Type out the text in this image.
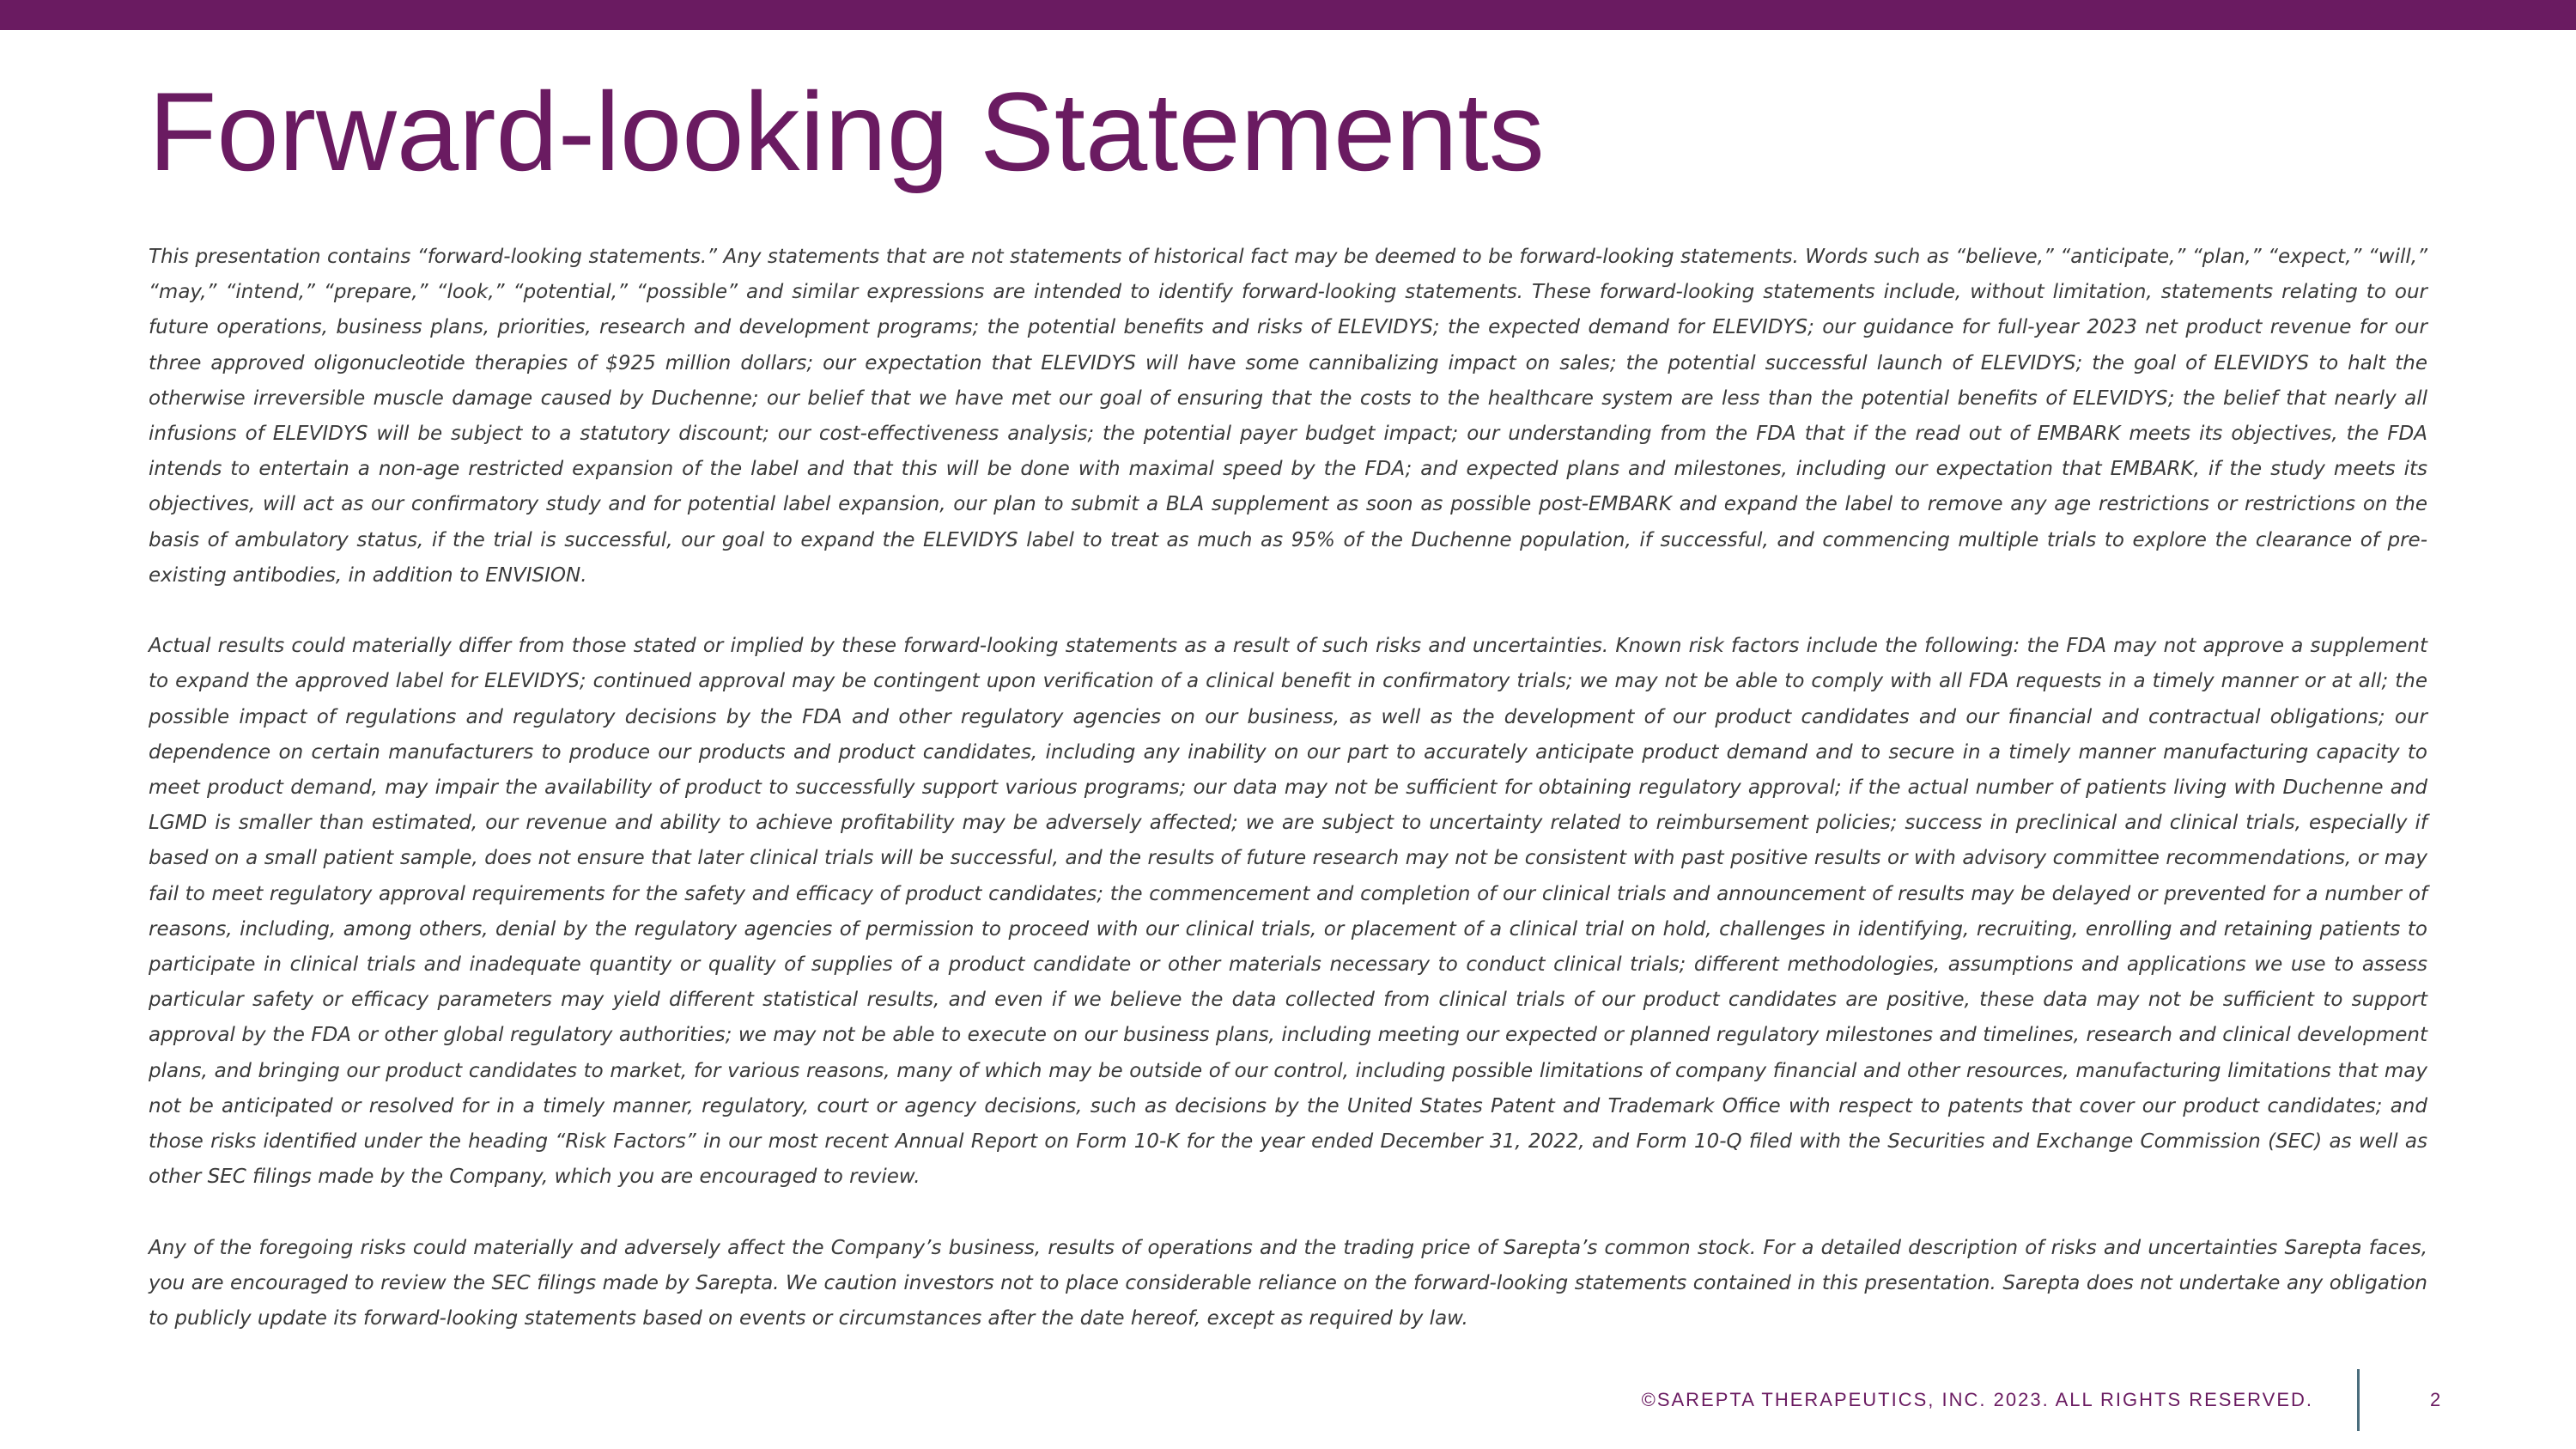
Forward-looking Statements

This presentation contains “forward-looking statements.” Any statements that are not statements of historical fact may be deemed to be forward-looking statements. Words such as “believe,” “anticipate,” “plan,” “expect,” “will,” “may,” “intend,” “prepare,” “look,” “potential,” “possible” and similar expressions are intended to identify forward-looking statements. These forward-looking statements include, without limitation, statements relating to our future operations, business plans, priorities, research and development programs; the potential benefits and risks of ELEVIDYS; the expected demand for ELEVIDYS; our guidance for full-year 2023 net product revenue for our three approved oligonucleotide therapies of $925 million dollars; our expectation that ELEVIDYS will have some cannibalizing impact on sales; the potential successful launch of ELEVIDYS; the goal of ELEVIDYS to halt the otherwise irreversible muscle damage caused by Duchenne; our belief that we have met our goal of ensuring that the costs to the healthcare system are less than the potential benefits of ELEVIDYS; the belief that nearly all infusions of ELEVIDYS will be subject to a statutory discount; our cost-effectiveness analysis; the potential payer budget impact; our understanding from the FDA that if the read out of EMBARK meets its objectives, the FDA intends to entertain a non-age restricted expansion of the label and that this will be done with maximal speed by the FDA; and expected plans and milestones, including our expectation that EMBARK, if the study meets its objectives, will act as our confirmatory study and for potential label expansion, our plan to submit a BLA supplement as soon as possible post-EMBARK and expand the label to remove any age restrictions or restrictions on the basis of ambulatory status, if the trial is successful, our goal to expand the ELEVIDYS label to treat as much as 95% of the Duchenne population, if successful, and commencing multiple trials to explore the clearance of pre-existing antibodies, in addition to ENVISION.

Actual results could materially differ from those stated or implied by these forward-looking statements as a result of such risks and uncertainties. Known risk factors include the following: the FDA may not approve a supplement to expand the approved label for ELEVIDYS; continued approval may be contingent upon verification of a clinical benefit in confirmatory trials; we may not be able to comply with all FDA requests in a timely manner or at all; the possible impact of regulations and regulatory decisions by the FDA and other regulatory agencies on our business, as well as the development of our product candidates and our financial and contractual obligations; our dependence on certain manufacturers to produce our products and product candidates, including any inability on our part to accurately anticipate product demand and to secure in a timely manner manufacturing capacity to meet product demand, may impair the availability of product to successfully support various programs; our data may not be sufficient for obtaining regulatory approval; if the actual number of patients living with Duchenne and LGMD is smaller than estimated, our revenue and ability to achieve profitability may be adversely affected; we are subject to uncertainty related to reimbursement policies; success in preclinical and clinical trials, especially if based on a small patient sample, does not ensure that later clinical trials will be successful, and the results of future research may not be consistent with past positive results or with advisory committee recommendations, or may fail to meet regulatory approval requirements for the safety and efficacy of product candidates; the commencement and completion of our clinical trials and announcement of results may be delayed or prevented for a number of reasons, including, among others, denial by the regulatory agencies of permission to proceed with our clinical trials, or placement of a clinical trial on hold, challenges in identifying, recruiting, enrolling and retaining patients to participate in clinical trials and inadequate quantity or quality of supplies of a product candidate or other materials necessary to conduct clinical trials; different methodologies, assumptions and applications we use to assess particular safety or efficacy parameters may yield different statistical results, and even if we believe the data collected from clinical trials of our product candidates are positive, these data may not be sufficient to support approval by the FDA or other global regulatory authorities; we may not be able to execute on our business plans, including meeting our expected or planned regulatory milestones and timelines, research and clinical development plans, and bringing our product candidates to market, for various reasons, many of which may be outside of our control, including possible limitations of company financial and other resources, manufacturing limitations that may not be anticipated or resolved for in a timely manner, regulatory, court or agency decisions, such as decisions by the United States Patent and Trademark Office with respect to patents that cover our product candidates; and those risks identified under the heading “Risk Factors” in our most recent Annual Report on Form 10-K for the year ended December 31, 2022, and Form 10-Q filed with the Securities and Exchange Commission (SEC) as well as other SEC filings made by the Company, which you are encouraged to review.

Any of the foregoing risks could materially and adversely affect the Company’s business, results of operations and the trading price of Sarepta’s common stock. For a detailed description of risks and uncertainties Sarepta faces, you are encouraged to review the SEC filings made by Sarepta. We caution investors not to place considerable reliance on the forward-looking statements contained in this presentation. Sarepta does not undertake any obligation to publicly update its forward-looking statements based on events or circumstances after the date hereof, except as required by law.

©SAREPTA THERAPEUTICS, INC. 2023. ALL RIGHTS RESERVED.	2
